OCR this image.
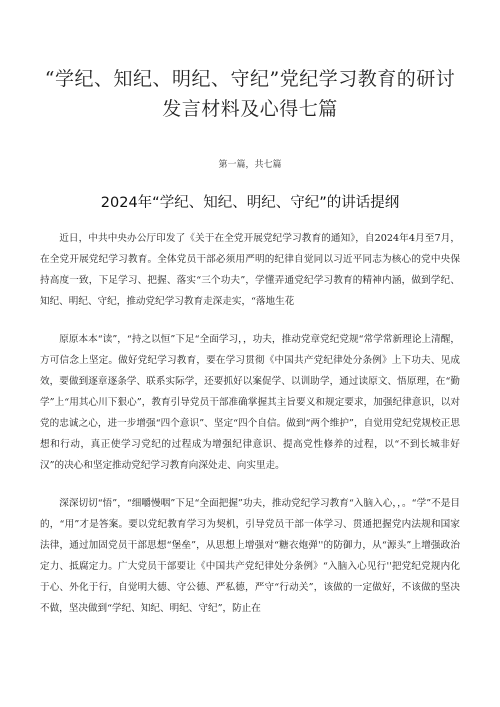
“学纪、知纪、明纪、守纪”党纪学习教育的研讨
发言材料及心得七篇
第一篇，共七篇
2024年“学纪、知纪、明纪、守纪”的讲话提纲

近日，中共中央办公厅印发了《关于在全党开展党纪学习教育的通知》，自2024年4月至7月，在全党开展党纪学习教育。全体党员干部必须用严明的纪律自觉同以习近平同志为核心的党中央保持高度一致，下足学习、把握、落实“三个功夫”，学懂弄通党纪学习教育的精神内涵，做到学纪、知纪、明纪、守纪，推动党纪学习教育走深走实，“落地生花

原原本本“读”，“持之以恒”下足“全面学习，，功夫，推动党章党纪党规“常学常新理论上清醒，方可信念上坚定。做好党纪学习教育，要在学习贯彻《中国共产党纪律处分条例》上下功夫、见成效，要做到逐章逐条学、联系实际学，还要抓好以案促学、以训助学，通过读原文、悟原理，在“勤学”上“用其心川下狠心”，教育引导党员干部准确掌握其主旨要义和规定要求，加强纪律意识，以对党的忠诚之心，进一步增强“四个意识”、坚定“四个自信。做到“两个维护”，自觉用党纪党规校正思想和行动，真正使学习党纪的过程成为增强纪律意识、提高党性修养的过程，以“不到长城非好汉”的决心和坚定推动党纪学习教育向深处走、向实里走。

深深切切“悟”，“细嚼慢咽”下足“全面把握”功夫，推动党纪学习教育“入脑入心，，。“学”不是目的，“用”才是答案。要以党纪教育学习为契机，引导党员干部一体学习、贯通把握党内法规和国家法律，通过加固党员干部思想“堡垒”，从思想上增强对“糖衣炮弹''的防御力，从“源头”上增强政治定力、抵腐定力。广大党员干部要让《中国共产党纪律处分条例》“入脑入心见行''把党纪党规内化于心、外化于行，自觉明大德、守公德、严私德，严守“行动关”，该做的一定做好，不该做的坚决不做，坚决做到“学纪、知纪、明纪、守纪”，防止在
